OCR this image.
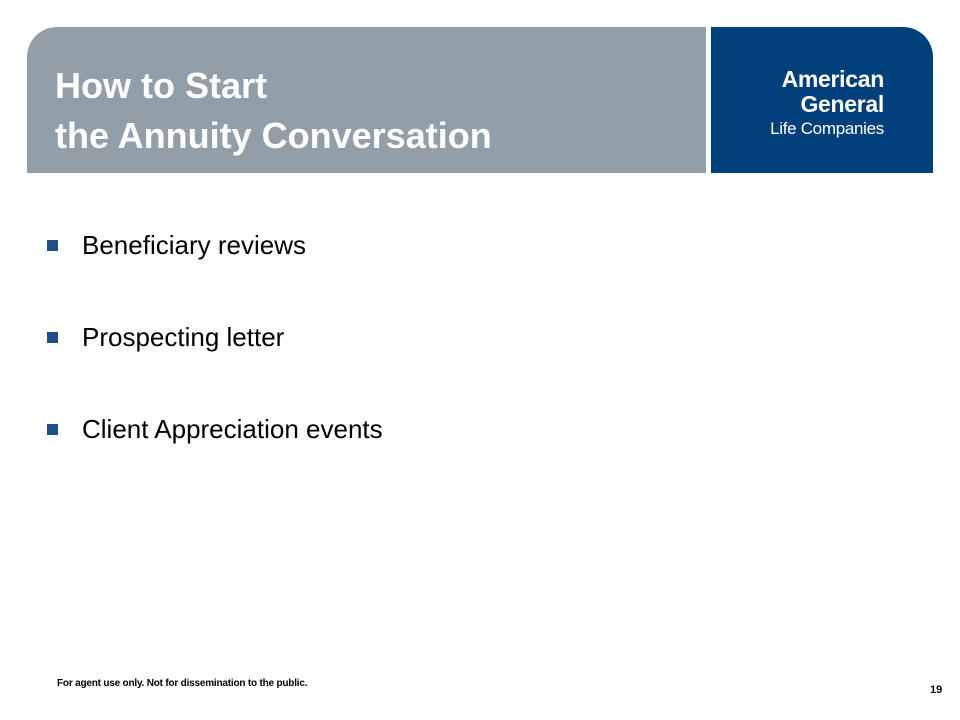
How to Start
the Annuity Conversation
American
General
Life Companies
Beneficiary reviews
Prospecting letter
Client Appreciation events
For agent use only. Not for dissemination to the public.
19
